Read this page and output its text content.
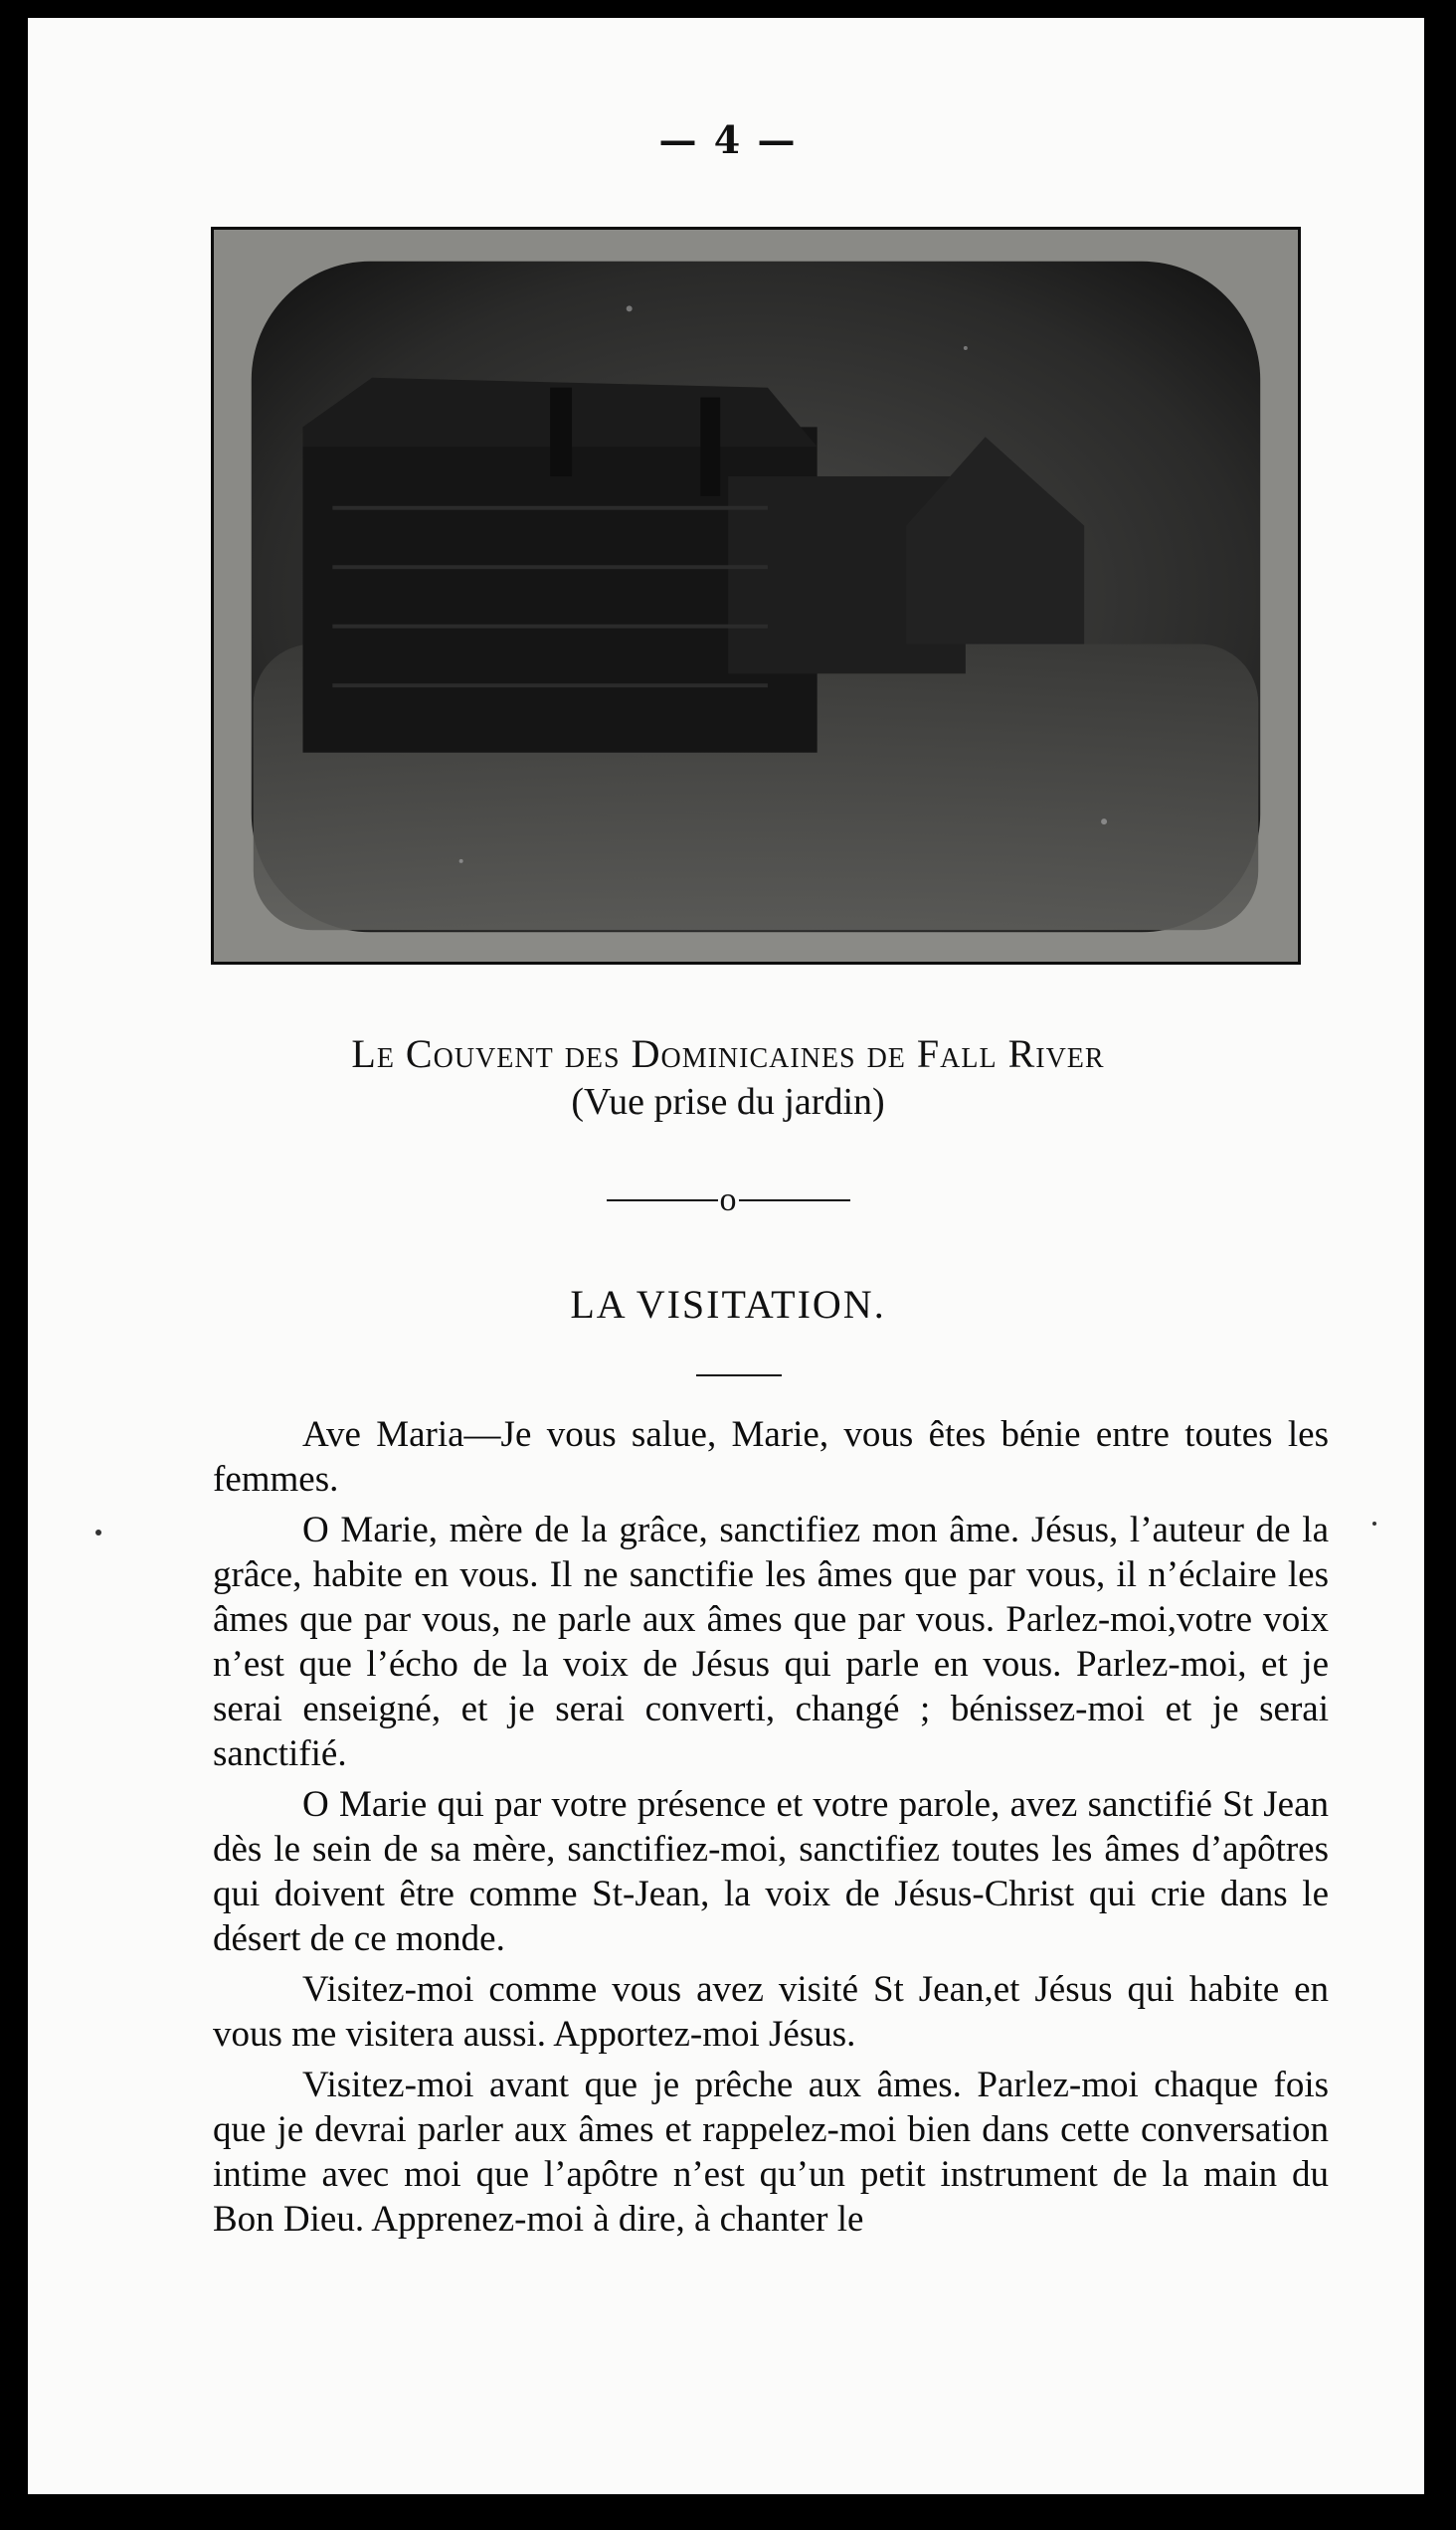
— 4 —
Le Couvent des Dominicaines de Fall River
(Vue prise du jardin)
o
LA VISITATION.

Ave Maria—Je vous salue, Marie, vous êtes bénie entre toutes les femmes.

O Marie, mère de la grâce, sanctifiez mon âme. Jésus, l’auteur de la grâce, habite en vous. Il ne sanctifie les âmes que par vous, il n’éclaire les âmes que par vous, ne parle aux âmes que par vous. Parlez-moi,votre voix n’est que l’écho de la voix de Jésus qui parle en vous. Parlez-moi, et je serai enseigné, et je serai converti, changé ; bénissez-moi et je serai sanctifié.

O Marie qui par votre présence et votre parole, avez sanctifié St Jean dès le sein de sa mère, sanctifiez-moi, sanctifiez toutes les âmes d’apôtres qui doivent être comme St-Jean, la voix de Jésus-Christ qui crie dans le désert de ce monde.

Visitez-moi comme vous avez visité St Jean,et Jésus qui habite en vous me visitera aussi. Apportez-moi Jésus.

Visitez-moi avant que je prêche aux âmes. Parlez-moi chaque fois que je devrai parler aux âmes et rappelez-moi bien dans cette conversation intime avec moi que l’apôtre n’est qu’un petit instrument de la main du Bon Dieu. Apprenez-moi à dire, à chanter le
